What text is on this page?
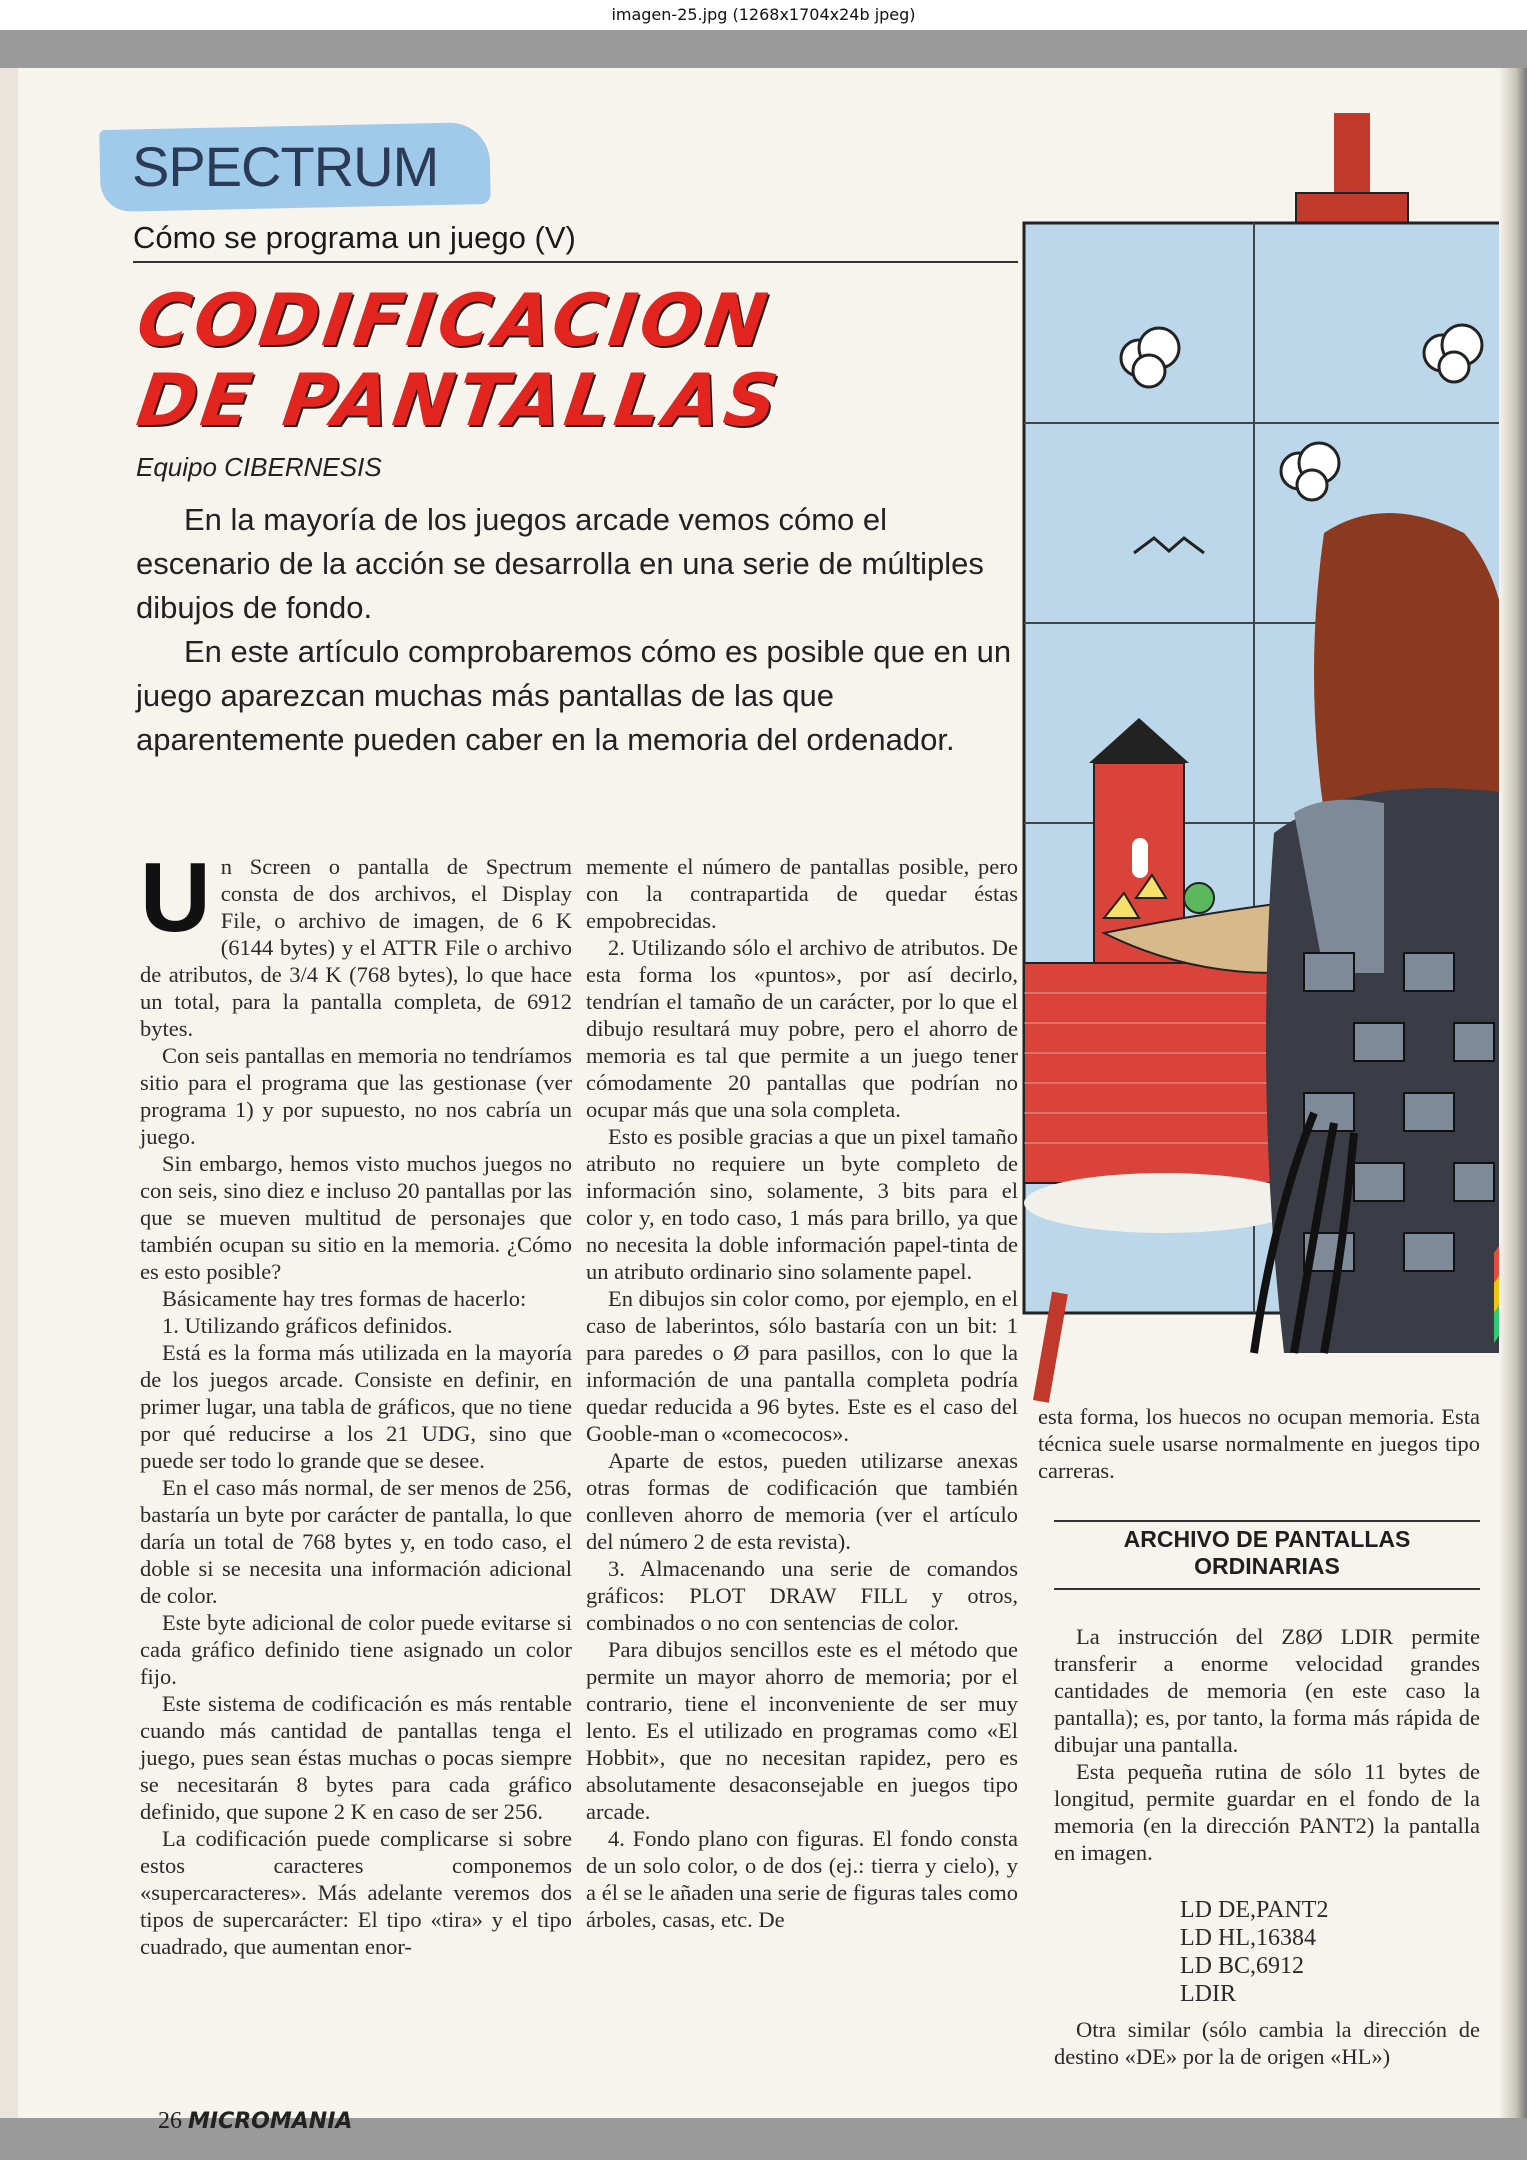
imagen-25.jpg (1268x1704x24b jpeg)
SPECTRUM
Cómo se programa un juego (V)
CODIFICACION
DE PANTALLAS
Equipo CIBERNESIS

En la mayoría de los juegos arcade vemos cómo el escenario de la acción se desarrolla en una serie de múltiples dibujos de fondo.

En este artículo comprobaremos cómo es posible que en un juego aparezcan muchas más pantallas de las que aparentemente pueden caber en la memoria del ordenador.

Un Screen o pantalla de Spectrum consta de dos archivos, el Display File, o archivo de imagen, de 6 K (6144 bytes) y el ATTR File o archivo de atributos, de 3/4 K (768 bytes), lo que hace un total, para la pantalla completa, de 6912 bytes.

Con seis pantallas en memoria no tendríamos sitio para el programa que las gestionase (ver programa 1) y por supuesto, no nos cabría un juego.

Sin embargo, hemos visto muchos juegos no con seis, sino diez e incluso 20 pantallas por las que se mueven multitud de personajes que también ocupan su sitio en la memoria. ¿Cómo es esto posible?

Básicamente hay tres formas de hacerlo:

1. Utilizando gráficos definidos.

Está es la forma más utilizada en la mayoría de los juegos arcade. Consiste en definir, en primer lugar, una tabla de gráficos, que no tiene por qué reducirse a los 21 UDG, sino que puede ser todo lo grande que se desee.

En el caso más normal, de ser menos de 256, bastaría un byte por carácter de pantalla, lo que daría un total de 768 bytes y, en todo caso, el doble si se necesita una información adicional de color.

Este byte adicional de color puede evitarse si cada gráfico definido tiene asignado un color fijo.

Este sistema de codificación es más rentable cuando más cantidad de pantallas tenga el juego, pues sean éstas muchas o pocas siempre se necesitarán 8 bytes para cada gráfico definido, que supone 2 K en caso de ser 256.

La codificación puede complicarse si sobre estos caracteres componemos «supercaracteres». Más adelante veremos dos tipos de supercarácter: El tipo «tira» y el tipo cuadrado, que aumentan enor-

memente el número de pantallas posible, pero con la contrapartida de quedar éstas empobrecidas.

2. Utilizando sólo el archivo de atributos. De esta forma los «puntos», por así decirlo, tendrían el tamaño de un carácter, por lo que el dibujo resultará muy pobre, pero el ahorro de memoria es tal que permite a un juego tener cómodamente 20 pantallas que podrían no ocupar más que una sola completa.

Esto es posible gracias a que un pixel tamaño atributo no requiere un byte completo de información sino, solamente, 3 bits para el color y, en todo caso, 1 más para brillo, ya que no necesita la doble información papel-tinta de un atributo ordinario sino solamente papel.

En dibujos sin color como, por ejemplo, en el caso de laberintos, sólo bastaría con un bit: 1 para paredes o Ø para pasillos, con lo que la información de una pantalla completa podría quedar reducida a 96 bytes. Este es el caso del Gooble-man o «comecocos».

Aparte de estos, pueden utilizarse anexas otras formas de codificación que también conlleven ahorro de memoria (ver el artículo del número 2 de esta revista).

3. Almacenando una serie de comandos gráficos: PLOT DRAW FILL y otros, combinados o no con sentencias de color.

Para dibujos sencillos este es el método que permite un mayor ahorro de memoria; por el contrario, tiene el inconveniente de ser muy lento. Es el utilizado en programas como «El Hobbit», que no necesitan rapidez, pero es absolutamente desaconsejable en juegos tipo arcade.

4. Fondo plano con figuras. El fondo consta de un solo color, o de dos (ej.: tierra y cielo), y a él se le añaden una serie de figuras tales como árboles, casas, etc. De

esta forma, los huecos no ocupan memoria. Esta técnica suele usarse normalmente en juegos tipo carreras.

ARCHIVO DE PANTALLAS ORDINARIAS

La instrucción del Z8Ø LDIR permite transferir a enorme velocidad grandes cantidades de memoria (en este caso la pantalla); es, por tanto, la forma más rápida de dibujar una pantalla.

Esta pequeña rutina de sólo 11 bytes de longitud, permite guardar en el fondo de la memoria (en la dirección PANT2) la pantalla en imagen.

LD DE,PANT2
LD HL,16384
LD BC,6912
LDIR

Otra similar (sólo cambia la dirección de destino «DE» por la de origen «HL»)

26 MICROMANIA
